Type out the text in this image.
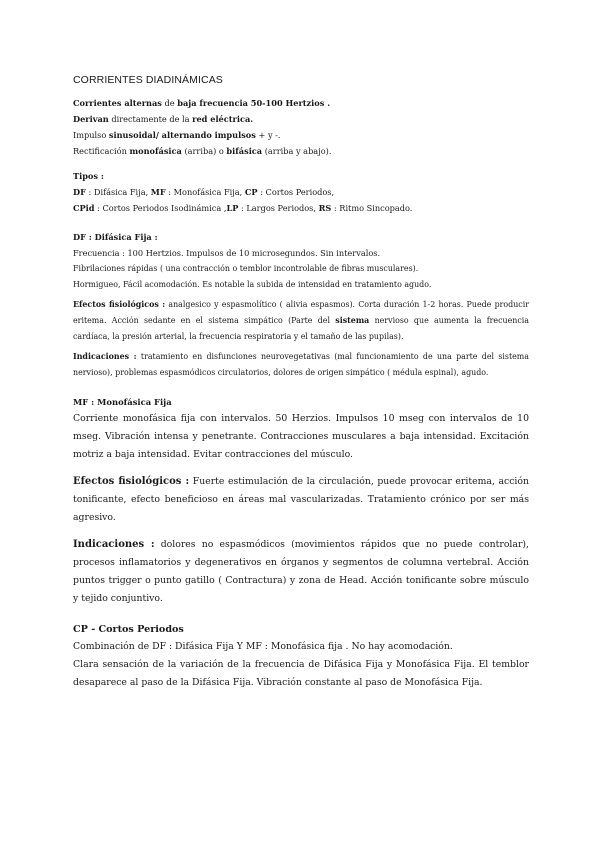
CORRIENTES DIADINÁMICAS

Corrientes alternas de baja frecuencia 50-100 Hertzios .

Derivan directamente de la red eléctrica.

Impulso sinusoidal/ alternando impulsos + y -.

Rectificación monofásica (arriba) o bifásica (arriba y abajo).

Tipos :

DF : Difásica Fija, MF : Monofásica Fija, CP : Cortos Periodos,

CPid : Cortos Periodos Isodinámica ,LP : Largos Periodos, RS : Ritmo Sincopado.

DF : Difásica Fija :

Frecuencia : 100 Hertzios. Impulsos de 10 microsegundos. Sin intervalos.

Fibrilaciones rápidas ( una contracción o temblor incontrolable de fibras musculares).

Hormigueo, Fácil acomodación. Es notable la subida de intensidad en tratamiento agudo.

Efectos fisiológicos : analgesico y espasmolítico ( alivia espasmos). Corta duración 1-2 horas. Puede producir eritema. Acción sedante en el sistema simpático (Parte del sistema nervioso que aumenta la frecuencia cardíaca, la presión arterial, la frecuencia respiratoria y el tamaño de las pupilas).

Indicaciones : tratamiento en disfunciones neurovegetativas (mal funcionamiento de una parte del sistema nervioso), problemas espasmódicos circulatorios, dolores de origen simpático ( médula espinal), agudo.

MF : Monofásica Fija

Corriente monofásica fija con intervalos. 50 Herzios. Impulsos 10 mseg con intervalos de 10 mseg. Vibración intensa y penetrante. Contracciones musculares a baja intensidad. Excitación motriz a baja intensidad. Evitar contracciones del músculo.

Efectos fisiológicos : Fuerte estimulación de la circulación, puede provocar eritema, acción tonificante, efecto beneficioso en áreas mal vascularizadas. Tratamiento crónico por ser más agresivo.

Indicaciones : dolores no espasmódicos (movimientos rápidos que no puede controlar), procesos inflamatorios y degenerativos en órganos y segmentos de columna vertebral. Acción puntos trigger o punto gatillo ( Contractura) y zona de Head. Acción tonificante sobre músculo y tejido conjuntivo.

CP - Cortos Periodos

Combinación de DF : Difásica Fija Y MF : Monofásica fija . No hay acomodación.

Clara sensación de la variación de la frecuencia de Difásica Fija y Monofásica Fija. El temblor desaparece al paso de la Difásica Fija. Vibración constante al paso de Monofásica Fija.
